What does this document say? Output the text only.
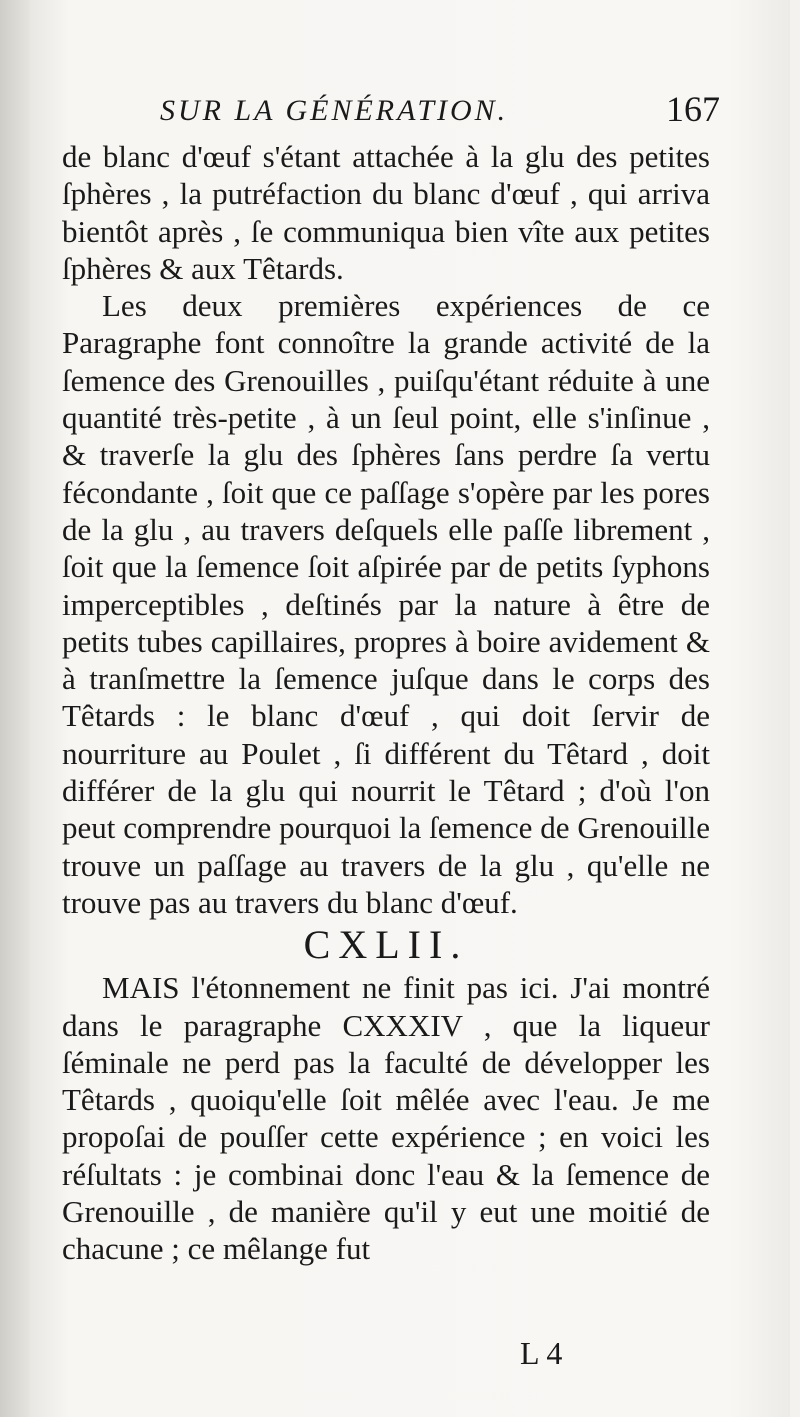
SUR LA GÉNÉRATION.	167

de blanc d'œuf s'étant attachée à la glu des petites ſphères , la putréfaction du blanc d'œuf , qui arriva bientôt après , ſe communiqua bien vîte aux petites ſphères & aux Têtards.

Les deux premières expériences de ce Paragraphe font connoître la grande activité de la ſemence des Grenouilles , puiſqu'étant réduite à une quantité très-petite , à un ſeul point, elle s'inſinue , & traverſe la glu des ſphères ſans perdre ſa vertu fécondante , ſoit que ce paſſage s'opère par les pores de la glu , au travers deſquels elle paſſe librement , ſoit que la ſemence ſoit aſpirée par de petits ſyphons imperceptibles , deſtinés par la nature à être de petits tubes capillaires, propres à boire avidement & à tranſmettre la ſemence juſque dans le corps des Têtards : le blanc d'œuf , qui doit ſervir de nourriture au Poulet , ſi différent du Têtard , doit différer de la glu qui nourrit le Têtard ; d'où l'on peut comprendre pourquoi la ſemence de Grenouille trouve un paſſage au travers de la glu , qu'elle ne trouve pas au travers du blanc d'œuf.

CXLII.

MAIS l'étonnement ne finit pas ici. J'ai montré dans le paragraphe CXXXIV , que la liqueur ſéminale ne perd pas la faculté de développer les Têtards , quoiqu'elle ſoit mêlée avec l'eau. Je me propoſai de pouſſer cette expérience ; en voici les réſultats : je combinai donc l'eau & la ſemence de Grenouille , de manière qu'il y eut une moitié de chacune ; ce mêlange fut

L 4
